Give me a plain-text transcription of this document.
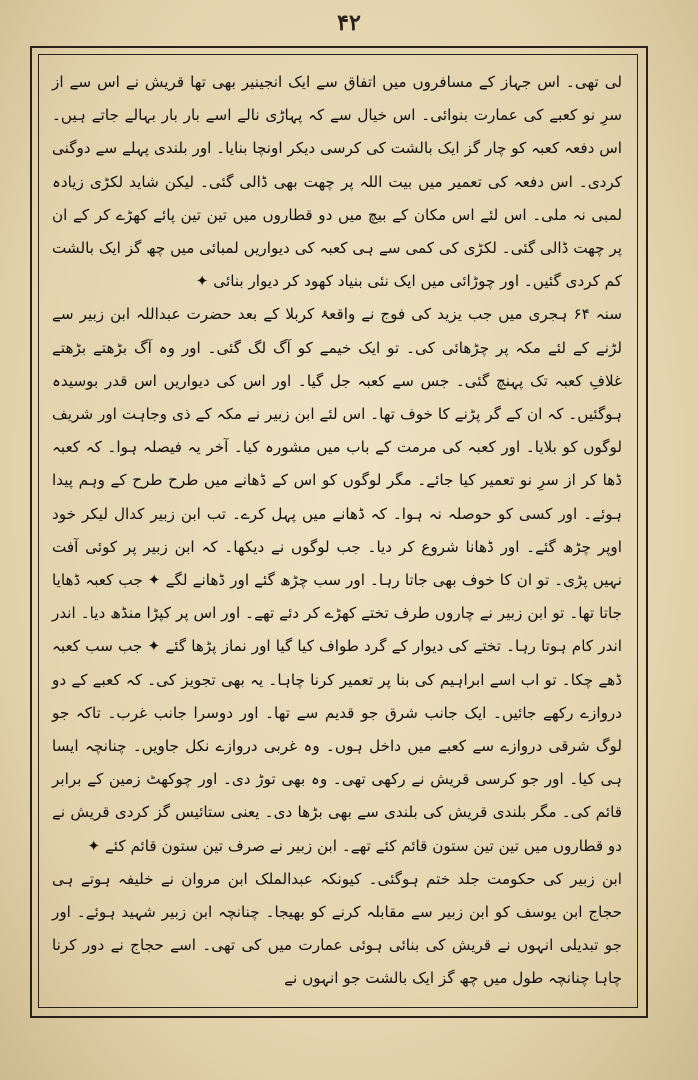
۴۲

لی تھی۔ اس جہاز کے مسافروں میں اتفاق سے ایک انجینیر بھی تھا قریش نے اس سے از سرِ نو کعبے کی عمارت بنوائی۔ اس خیال سے کہ پہاڑی نالے اسے بار بار بہالے جاتے ہیں۔ اس دفعہ کعبہ کو چار گز ایک بالشت کی کرسی دیکر اونچا بنایا۔ اور بلندی پہلے سے دوگنی کردی۔ اس دفعہ کی تعمیر میں بیت اللہ پر چھت بھی ڈالی گئی۔ لیکن شاید لکڑی زیادہ لمبی نہ ملی۔ اس لئے اس مکان کے بیچ میں دو قطاروں میں تین تین پائے کھڑے کر کے ان پر چھت ڈالی گئی۔ لکڑی کی کمی سے ہی کعبہ کی دیواریں لمبائی میں چھ گز ایک بالشت کم کردی گئیں۔ اور چوڑائی میں ایک نئی بنیاد کھود کر دیوار بنائی ✦

سنہ ۶۴ ہجری میں جب یزید کی فوج نے واقعۂ کربلا کے بعد حضرت عبداللہ ابن زبیر سے لڑنے کے لئے مکہ پر چڑھائی کی۔ تو ایک خیمے کو آگ لگ گئی۔ اور وہ آگ بڑھتے بڑھتے غلافِ کعبہ تک پہنچ گئی۔ جس سے کعبہ جل گیا۔ اور اس کی دیواریں اس قدر بوسیدہ ہوگئیں۔ کہ ان کے گر پڑنے کا خوف تھا۔ اس لئے ابن زبیر نے مکہ کے ذی وجاہت اور شریف لوگوں کو بلایا۔ اور کعبہ کی مرمت کے باب میں مشورہ کیا۔ آخر یہ فیصلہ ہوا۔ کہ کعبہ ڈھا کر از سرِ نو تعمیر کیا جائے۔ مگر لوگوں کو اس کے ڈھانے میں طرح طرح کے وہم پیدا ہوئے۔ اور کسی کو حوصلہ نہ ہوا۔ کہ ڈھانے میں پہل کرے۔ تب ابن زبیر کدال لیکر خود اوپر چڑھ گئے۔ اور ڈھانا شروع کر دیا۔ جب لوگوں نے دیکھا۔ کہ ابن زبیر پر کوئی آفت نہیں پڑی۔ تو ان کا خوف بھی جاتا رہا۔ اور سب چڑھ گئے اور ڈھانے لگے ✦ جب کعبہ ڈھایا جاتا تھا۔ تو ابن زبیر نے چاروں طرف تختے کھڑے کر دئے تھے۔ اور اس پر کپڑا منڈھ دیا۔ اندر اندر کام ہوتا رہا۔ تختے کی دیوار کے گرد طواف کیا گیا اور نماز پڑھا گئے ✦ جب سب کعبہ ڈھے چکا۔ تو اب اسے ابراہیم کی بنا پر تعمیر کرنا چاہا۔ یہ بھی تجویز کی۔ کہ کعبے کے دو دروازے رکھے جائیں۔ ایک جانب شرق جو قدیم سے تھا۔ اور دوسرا جانب غرب۔ تاکہ جو لوگ شرقی دروازے سے کعبے میں داخل ہوں۔ وہ غربی دروازے نکل جاویں۔ چنانچہ ایسا ہی کیا۔ اور جو کرسی قریش نے رکھی تھی۔ وہ بھی توڑ دی۔ اور چوکھٹ زمین کے برابر قائم کی۔ مگر بلندی قریش کی بلندی سے بھی بڑھا دی۔ یعنی ستائیس گز کردی قریش نے دو قطاروں میں تین تین ستون قائم کئے تھے۔ ابن زبیر نے صرف تین ستون قائم کئے ✦

ابن زبیر کی حکومت جلد ختم ہوگئی۔ کیونکہ عبدالملک ابن مروان نے خلیفہ ہوتے ہی حجاج ابن یوسف کو ابن زبیر سے مقابلہ کرنے کو بھیجا۔ چنانچہ ابن زبیر شہید ہوئے۔ اور جو تبدیلی انہوں نے قریش کی بنائی ہوئی عمارت میں کی تھی۔ اسے حجاج نے دور کرنا چاہا چنانچہ طول میں چھ گز ایک بالشت جو انہوں نے
